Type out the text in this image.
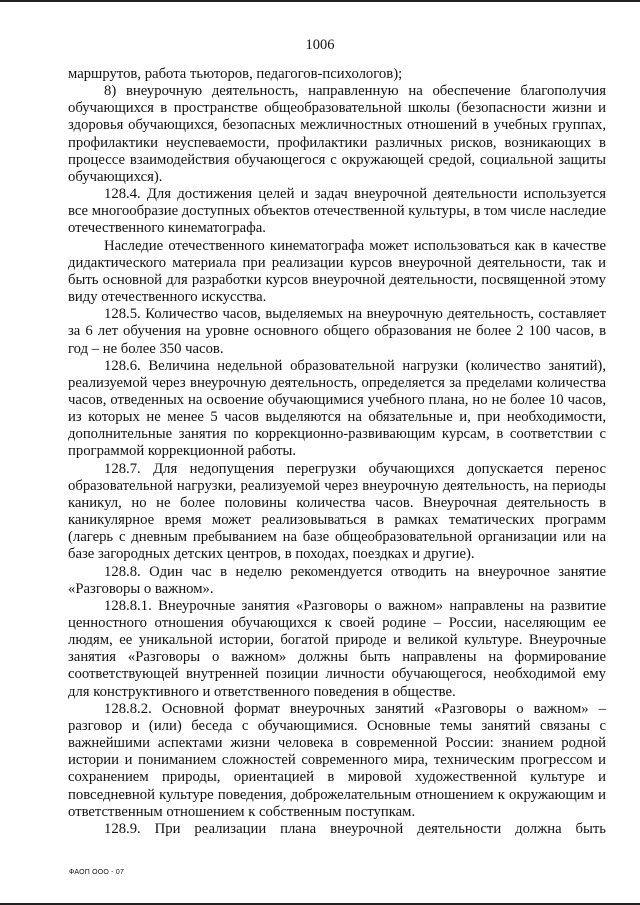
1006

маршрутов, работа тьюторов, педагогов-психологов);

8) внеурочную деятельность, направленную на обеспечение благополучия обучающихся в пространстве общеобразовательной школы (безопасности жизни и здоровья обучающихся, безопасных межличностных отношений в учебных группах, профилактики неуспеваемости, профилактики различных рисков, возникающих в процессе взаимодействия обучающегося с окружающей средой, социальной защиты обучающихся).

128.4. Для достижения целей и задач внеурочной деятельности используется все многообразие доступных объектов отечественной культуры, в том числе наследие отечественного кинематографа.

Наследие отечественного кинематографа может использоваться как в качестве дидактического материала при реализации курсов внеурочной деятельности, так и быть основной для разработки курсов внеурочной деятельности, посвященной этому виду отечественного искусства.

128.5. Количество часов, выделяемых на внеурочную деятельность, составляет за 6 лет обучения на уровне основного общего образования не более 2 100 часов, в год – не более 350 часов.

128.6. Величина недельной образовательной нагрузки (количество занятий), реализуемой через внеурочную деятельность, определяется за пределами количества часов, отведенных на освоение обучающимися учебного плана, но не более 10 часов, из которых не менее 5 часов выделяются на обязательные и, при необходимости, дополнительные занятия по коррекционно-развивающим курсам, в соответствии с программой коррекционной работы.

128.7. Для недопущения перегрузки обучающихся допускается перенос образовательной нагрузки, реализуемой через внеурочную деятельность, на периоды каникул, но не более половины количества часов. Внеурочная деятельность в каникулярное время может реализовываться в рамках тематических программ (лагерь с дневным пребыванием на базе общеобразовательной организации или на базе загородных детских центров, в походах, поездках и другие).

128.8. Один час в неделю рекомендуется отводить на внеурочное занятие «Разговоры о важном».

128.8.1. Внеурочные занятия «Разговоры о важном» направлены на развитие ценностного отношения обучающихся к своей родине – России, населяющим ее людям, ее уникальной истории, богатой природе и великой культуре. Внеурочные занятия «Разговоры о важном» должны быть направлены на формирование соответствующей внутренней позиции личности обучающегося, необходимой ему для конструктивного и ответственного поведения в обществе.

128.8.2. Основной формат внеурочных занятий «Разговоры о важном» – разговор и (или) беседа с обучающимися. Основные темы занятий связаны с важнейшими аспектами жизни человека в современной России: знанием родной истории и пониманием сложностей современного мира, техническим прогрессом и сохранением природы, ориентацией в мировой художественной культуре и повседневной культуре поведения, доброжелательным отношением к окружающим и ответственным отношением к собственным поступкам.

128.9. При реализации плана внеурочной деятельности должна быть

ФАОП ООО - 07
